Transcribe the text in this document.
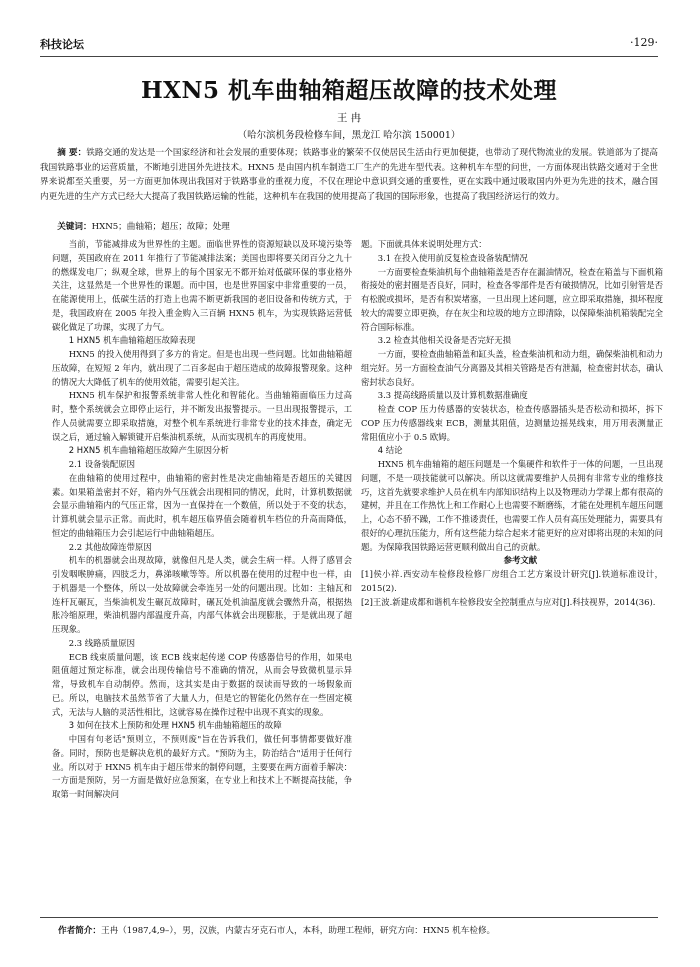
科技论坛	·129·
HXN5 机车曲轴箱超压故障的技术处理
王 冉
（哈尔滨机务段检修车间，黑龙江 哈尔滨 150001）
摘 要：铁路交通的发达是一个国家经济和社会发展的重要体现；铁路事业的繁荣不仅使居民生活由行更加便捷，也带动了现代物流业的发展。铁道部为了提高我国铁路事业的运营质量，不断地引进国外先进技术。HXN5 是由国内机车制造工厂生产的先进车型代表。这种机车车型的问世，一方面体现出铁路交通对于全世界来说都至关重要，另一方面更加体现出我国对于铁路事业的重视力度，不仅在理论中意识到交通的重要性，更在实践中通过吸取国内外更为先进的技术，融合国内更先进的生产方式已经大大提高了我国铁路运输的性能，这种机车在我国的使用提高了我国的国际形象，也提高了我国经济运行的效力。
关键词：HXN5；曲轴箱；超压；故障；处理

当前，节能减排成为世界性的主题。面临世界性的资源短缺以及环境污染等问题，英国政府在 2011 年推行了节能减排法案；美国也即将要关闭百分之九十的燃煤发电厂；纵观全球，世界上的每个国家无不都开始对低碳环保的事业格外关注，这显然是一个世界性的课题。而中国，也是世界国家中非常重要的一员，在能源使用上，低碳生活的打造上也需不断更新我国的老旧设备和传统方式，于是，我国政府在 2005 年投入重金购入三百辆 HXN5 机车，为实现铁路运营低碳化做足了功课，实现了力气。

1 HXN5 机车曲轴箱超压故障表现

HXN5 的投入使用得到了多方的肯定。但是也出现一些问题。比如曲轴箱超压故障，在短短 2 年内，就出现了二百多起由于超压造成的故障报警现象。这种的情况大大降低了机车的使用效能，需要引起关注。

HXN5 机车保护和报警系统非常人性化和智能化。当曲轴箱面临压力过高时，整个系统就会立即停止运行，并不断发出报警提示。一旦出现报警提示，工作人员就需要立即采取措施，对整个机车系统进行非常专业的技术排查，确定无误之后，通过输入解锁键开启柴油机系统，从而实现机车的再度使用。

2 HXN5 机车曲轴箱超压故障产生原因分析

2.1 设备装配原因

在曲轴箱的使用过程中，曲轴箱的密封性是决定曲轴箱是否超压的关键因素。如果箱盖密封不好，箱内外气压就会出现相同的情况，此时，计算机数据就会显示曲轴箱内的气压正常，因为一直保持在一个数值，所以处于不变的状态，计算机就会显示正常。而此时，机车超压临界值会随着机车档位的升高而降低，恒定的曲轴箱压力会引起运行中曲轴箱超压。

2.2 其他故障连带原因

机车的机器就会出现故障，就像但凡是人类，就会生病一样。人得了感冒会引发咽喉肿痛，四肢乏力，鼻涕咳嗽等等。所以机器在使用的过程中也一样，由于机器是一个整体，所以一处故障就会牵连另一处的问题出现。比如：主轴瓦和连杆瓦碾瓦，当柴油机发生碾瓦故障时，碾瓦处机油温度就会骤然升高，根据热胀冷缩原理，柴油机器内部温度升高，内部气体就会出现膨胀，于是就出现了超压现象。

2.3 线路质量原因

ECB 线束质量问题，该 ECB 线束起传递 COP 传感器信号的作用，如果电阻值超过预定标准，就会出现传输信号不准确的情况，从而会导致微机显示异常，导致机车自动制停。然而，这其实是由于数据的误读而导致的一场假象而已。所以，电脑技术虽然节省了大量人力，但是它的智能化仍然存在一些固定模式，无法与人脑的灵活性相比，这就容易在操作过程中出现不真实的现象。

3 如何在技术上预防和处理 HXN5 机车曲轴箱超压的故障

中国有句老话"预则立，不预则废"旨在告诉我们，做任何事情都要做好准备。同时，预防也是解决危机的最好方式。"预防为主，防治结合"适用于任何行业。所以对于 HXN5 机车由于超压带来的制停问题，主要要在两方面着手解决：一方面是预防，另一方面是做好应急预案，在专业上和技术上不断提高技能，争取第一时间解决问

题。下面就具体来说明处理方式：

3.1 在投入使用前反复检查设备装配情况

一方面要检查柴油机每个曲轴箱盖是否存在漏油情况，检查在箱盖与下面机箱衔接处的密封圈是否良好，同时，检查各零部件是否有破损情况，比如引射管是否有松脱或损坏，是否有积炭堵塞，一旦出现上述问题，应立即采取措施，损坏程度较大的需要立即更换，存在灰尘和垃圾的地方立即清除，以保障柴油机箱装配完全符合国际标准。

3.2 检查其他相关设备是否完好无损

一方面，要检查曲轴箱盖和缸头盖，检查柴油机和动力组，确保柴油机和动力组完好。另一方面检查油气分离器及其相关管路是否有泄漏，检查密封状态，确认密封状态良好。

3.3 提高线路质量以及计算机数据准确度

检查 COP 压力传感器的安装状态，检查传感器插头是否松动和损坏，拆下 COP 压力传感器线束 ECB，测量其阻值，边测量边摇晃线束，用万用表测量正常阻值应小于 0.5 欧姆。

4 结论

HXN5 机车曲轴箱的超压问题是一个集硬件和软件于一体的问题，一旦出现问题，不是一项技能就可以解决。所以这就需要维护人员拥有非常专业的维修技巧，这首先就要求维护人员在机车内部知识结构上以及物理动力学课上都有很高的建树，并且在工作热忱上和工作耐心上也需要不断磨练，才能在处理机车超压问题上，心态不骄不躁，工作不推诿责任，也需要工作人员有高压处理能力，需要具有很好的心理抗压能力，所有这些能力综合起来才能更好的应对即将出现的未知的问题。为保障我国铁路运营更顺利做出自己的贡献。

参考文献

[1]侯小祥.西安动车检修段检修厂房组合工艺方案设计研究[J].铁道标准设计，2015(2).

[2]王波.新建成都和谐机车检修段安全控制重点与应对[J].科技视界，2014(36).

作者简介：王冉（1987,4,9–），男，汉族，内蒙古牙克石市人，本科，助理工程师，研究方向：HXN5 机车检修。
